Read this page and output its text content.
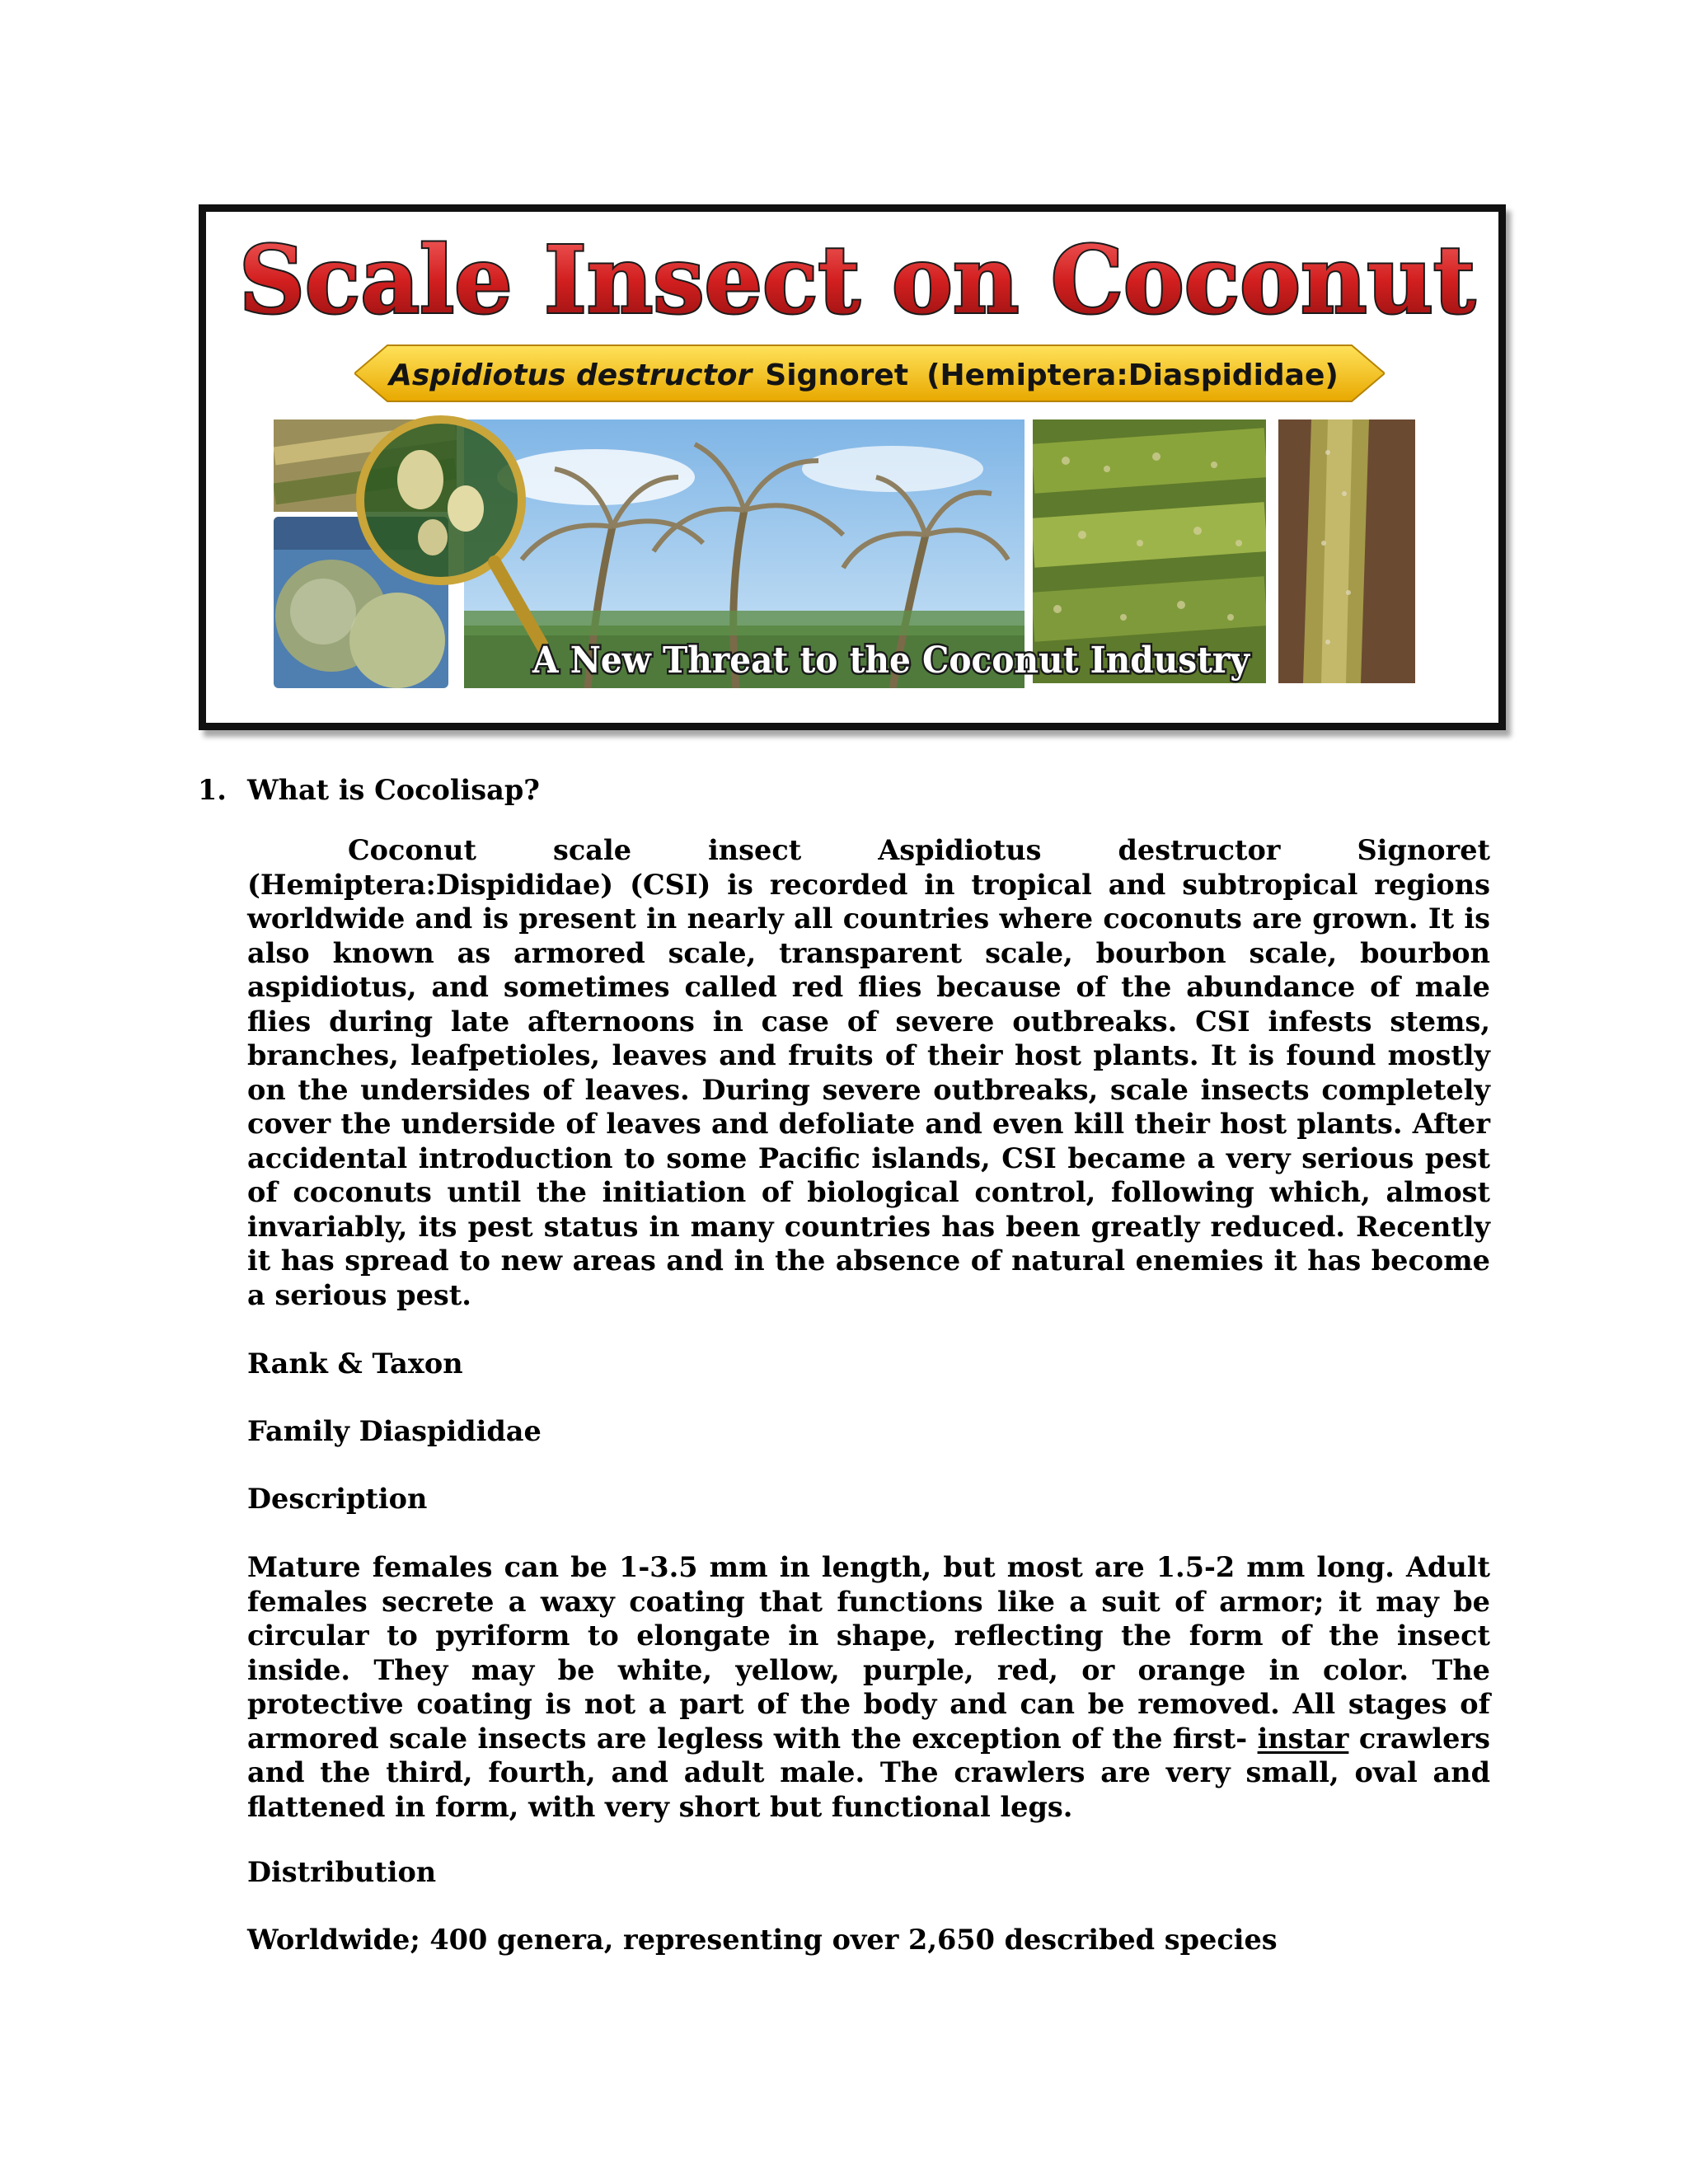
Scale Insect on Coconut
Aspidiotus destructor Signoret (Hemiptera:Diaspididae)
A New Threat to the Coconut Industry

1. What is Cocolisap?

Coconut scale insect Aspidiotus destructor Signoret (Hemiptera:Dispididae) (CSI) is recorded in tropical and subtropical regions worldwide and is present in nearly all countries where coconuts are grown. It is also known as armored scale, transparent scale, bourbon scale, bourbon aspidiotus, and sometimes called red flies because of the abundance of male flies during late afternoons in case of severe outbreaks. CSI infests stems, branches, leafpetioles, leaves and fruits of their host plants. It is found mostly on the undersides of leaves. During severe outbreaks, scale insects completely cover the underside of leaves and defoliate and even kill their host plants. After accidental introduction to some Pacific islands, CSI became a very serious pest of coconuts until the initiation of biological control, following which, almost invariably, its pest status in many countries has been greatly reduced. Recently it has spread to new areas and in the absence of natural enemies it has become a serious pest.

Rank & Taxon

Family Diaspididae

Description

Mature females can be 1-3.5 mm in length, but most are 1.5-2 mm long. Adult females secrete a waxy coating that functions like a suit of armor; it may be circular to pyriform to elongate in shape, reflecting the form of the insect inside. They may be white, yellow, purple, red, or orange in color. The protective coating is not a part of the body and can be removed. All stages of armored scale insects are legless with the exception of the first- instar crawlers and the third, fourth, and adult male. The crawlers are very small, oval and flattened in form, with very short but functional legs.

Distribution

Worldwide; 400 genera, representing over 2,650 described species
